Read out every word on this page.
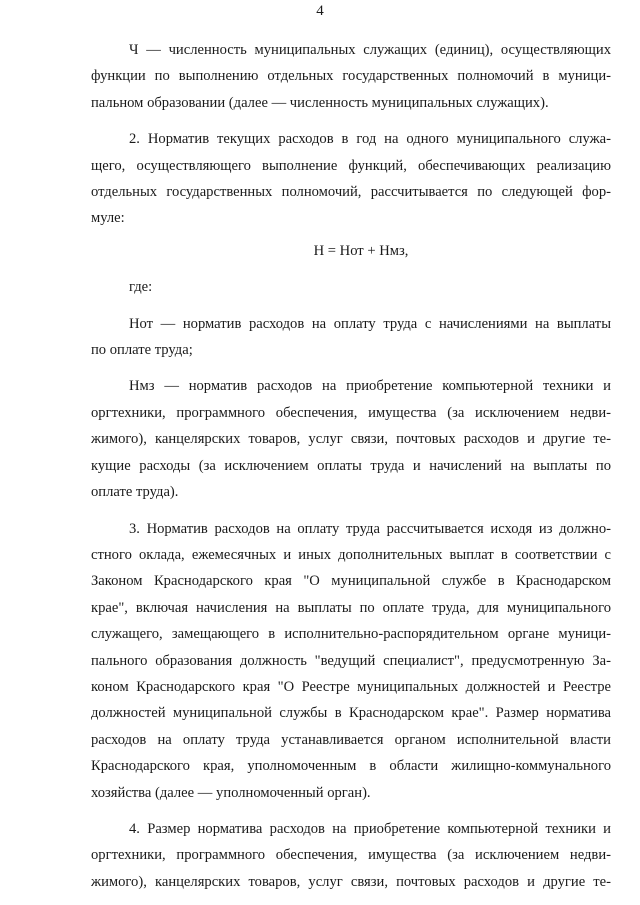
4
Ч — численность муниципальных служащих (единиц), осуществляющих
функции по выполнению отдельных государственных полномочий в муници-
пальном образовании (далее — численность муниципальных служащих).
2. Норматив текущих расходов в год на одного муниципального служа-
щего, осуществляющего выполнение функций, обеспечивающих реализацию
отдельных государственных полномочий, рассчитывается по следующей фор-
муле:
Н = Нот + Нмз,
где:
Нот — норматив расходов на оплату труда с начислениями на выплаты
по оплате труда;
Нмз — норматив расходов на приобретение компьютерной техники и
оргтехники, программного обеспечения, имущества (за исключением недви-
жимого), канцелярских товаров, услуг связи, почтовых расходов и другие те-
кущие расходы (за исключением оплаты труда и начислений на выплаты по
оплате труда).
3. Норматив расходов на оплату труда рассчитывается исходя из должно-
стного оклада, ежемесячных и иных дополнительных выплат в соответствии с
Законом Краснодарского края "О муниципальной службе в Краснодарском
крае", включая начисления на выплаты по оплате труда, для муниципального
служащего, замещающего в исполнительно-распорядительном органе муници-
пального образования должность "ведущий специалист", предусмотренную За-
коном Краснодарского края "О Реестре муниципальных должностей и Реестре
должностей муниципальной службы в Краснодарском крае". Размер норматива
расходов на оплату труда устанавливается органом исполнительной власти
Краснодарского края, уполномоченным в области жилищно-коммунального
хозяйства (далее — уполномоченный орган).
4. Размер норматива расходов на приобретение компьютерной техники и
оргтехники, программного обеспечения, имущества (за исключением недви-
жимого), канцелярских товаров, услуг связи, почтовых расходов и другие те-
